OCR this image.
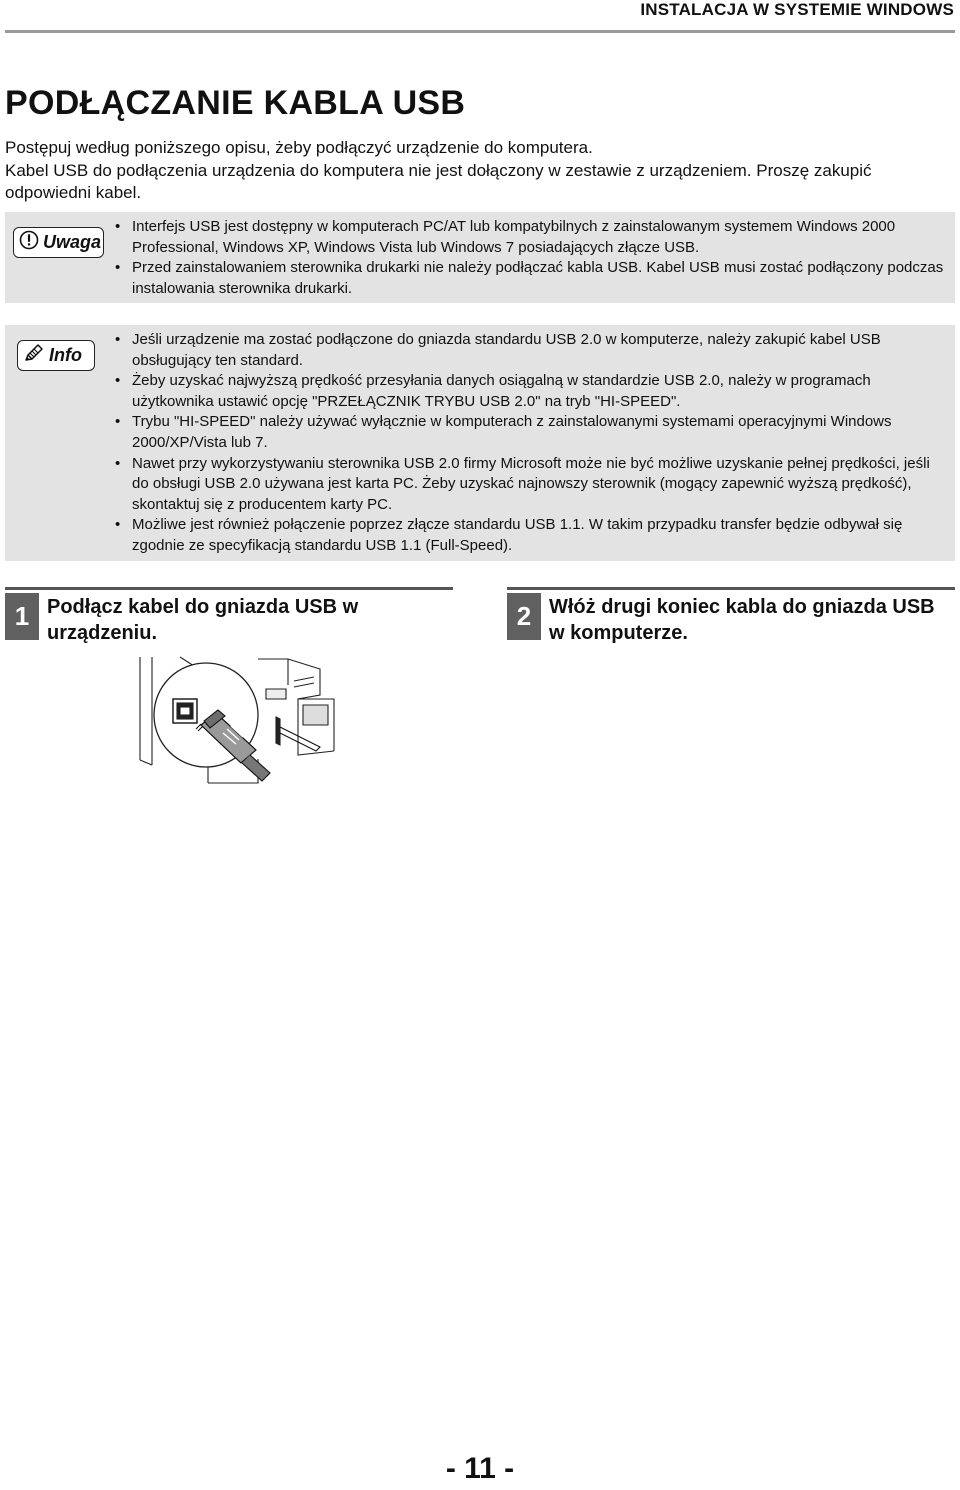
INSTALACJA W SYSTEMIE WINDOWS
PODŁĄCZANIE KABLA USB

Postępuj według poniższego opisu, żeby podłączyć urządzenie do komputera.

Kabel USB do podłączenia urządzenia do komputera nie jest dołączony w zestawie z urządzeniem. Proszę zakupić odpowiedni kabel.

Uwaga
• Interfejs USB jest dostępny w komputerach PC/AT lub kompatybilnych z zainstalowanym systemem Windows 2000 Professional, Windows XP, Windows Vista lub Windows 7 posiadających złącze USB.
• Przed zainstalowaniem sterownika drukarki nie należy podłączać kabla USB. Kabel USB musi zostać podłączony podczas instalowania sterownika drukarki.
Info
• Jeśli urządzenie ma zostać podłączone do gniazda standardu USB 2.0 w komputerze, należy zakupić kabel USB obsługujący ten standard.
• Żeby uzyskać najwyższą prędkość przesyłania danych osiągalną w standardzie USB 2.0, należy w programach użytkownika ustawić opcję "PRZEŁĄCZNIK TRYBU USB 2.0" na tryb "HI-SPEED".
• Trybu "HI-SPEED" należy używać wyłącznie w komputerach z zainstalowanymi systemami operacyjnymi Windows 2000/XP/Vista lub 7.
• Nawet przy wykorzystywaniu sterownika USB 2.0 firmy Microsoft może nie być możliwe uzyskanie pełnej prędkości, jeśli do obsługi USB 2.0 używana jest karta PC. Żeby uzyskać najnowszy sterownik (mogący zapewnić wyższą prędkość), skontaktuj się z producentem karty PC.
• Możliwe jest również połączenie poprzez złącze standardu USB 1.1. W takim przypadku transfer będzie odbywał się zgodnie ze specyfikacją standardu USB 1.1 (Full-Speed).
1 Podłącz kabel do gniazda USB w urządzeniu.
2 Włóż drugi koniec kabla do gniazda USB w komputerze.
- 11 -
